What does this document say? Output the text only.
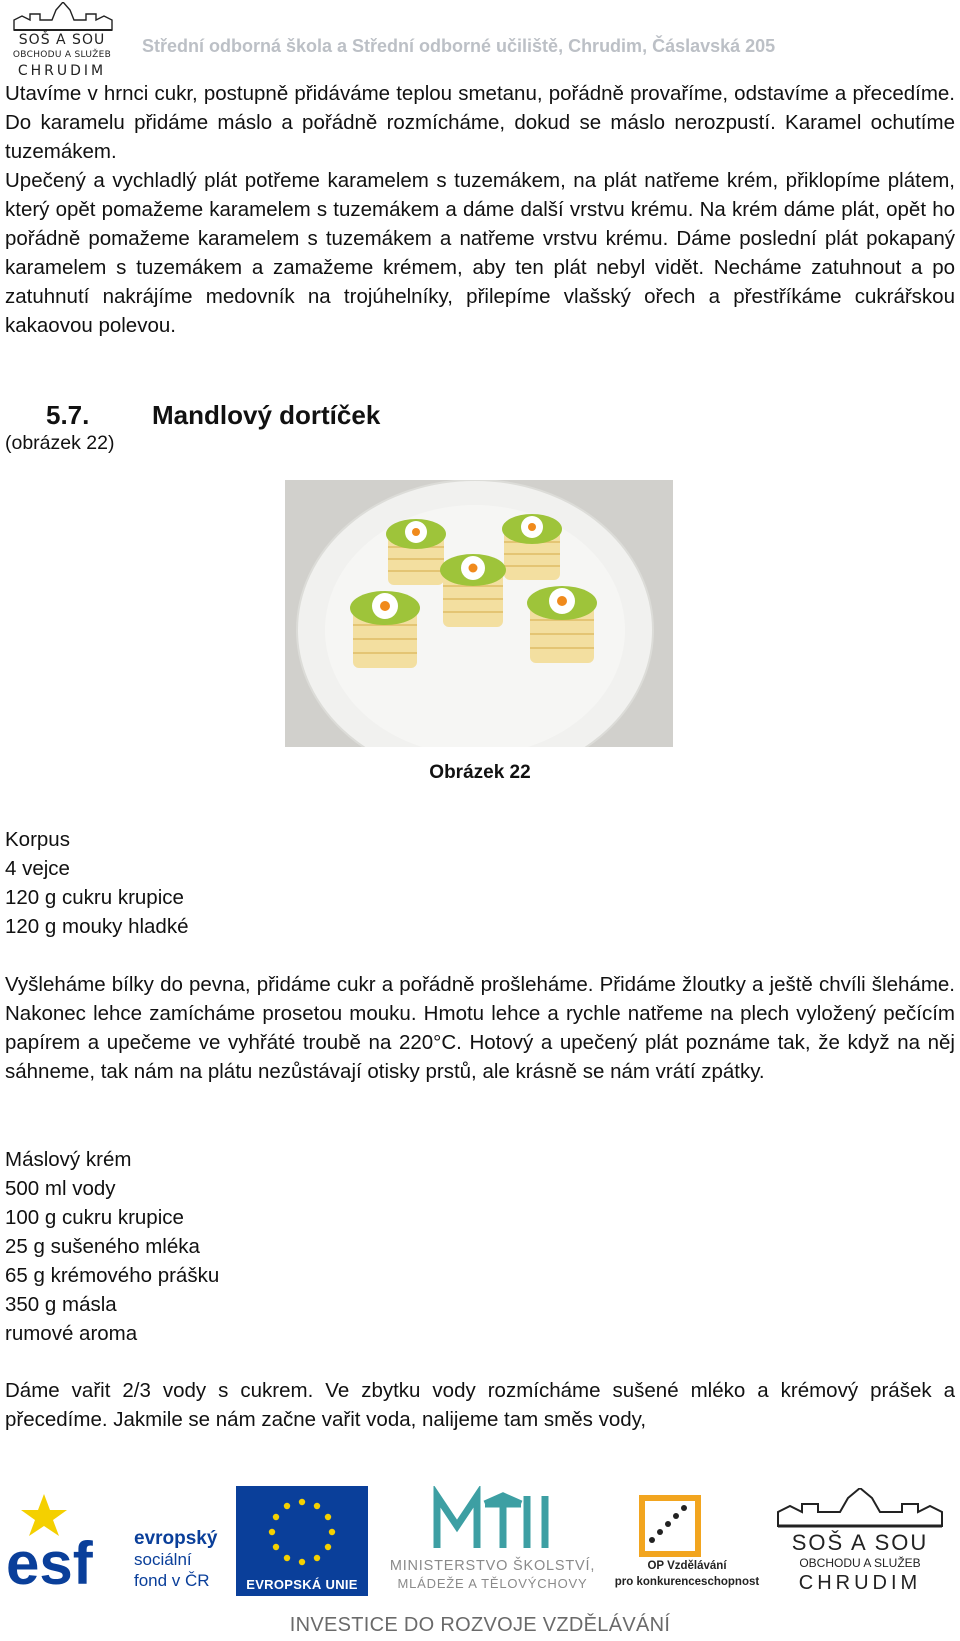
SOŠ A SOU
OBCHODU A SLUŽEB
CHRUDIM
Střední odborná škola a Střední odborné učiliště, Chrudim, Čáslavská 205

Utavíme v hrnci cukr, postupně přidáváme teplou smetanu, pořádně provaříme, odstavíme a přecedíme. Do karamelu přidáme máslo a pořádně rozmícháme, dokud se máslo nerozpustí. Karamel ochutíme tuzemákem.

Upečený a vychladlý plát potřeme karamelem s tuzemákem, na plát natřeme krém, přiklopíme plátem, který opět pomažeme karamelem s tuzemákem a dáme další vrstvu krému. Na krém dáme plát, opět ho pořádně pomažeme karamelem s tuzemákem a natřeme vrstvu krému. Dáme poslední plát pokapaný karamelem s tuzemákem a zamažeme krémem, aby ten plát nebyl vidět. Necháme zatuhnout a po zatuhnutí nakrájíme medovník na trojúhelníky, přilepíme vlašský ořech a přestříkáme cukrářskou kakaovou polevou.

5.7. Mandlový dortíček
(obrázek 22)
Obrázek 22
Korpus
4 vejce
120 g cukru krupice
120 g mouky hladké

Vyšleháme bílky do pevna, přidáme cukr a pořádně prošleháme. Přidáme žloutky a ještě chvíli šleháme. Nakonec lehce zamícháme prosetou mouku. Hmotu lehce a rychle natřeme na plech vyložený pečícím papírem a upečeme ve vyhřáté troubě na 220°C. Hotový a upečený plát poznáme tak, že když na něj sáhneme, tak nám na plátu nezůstávají otisky prstů, ale krásně se nám vrátí zpátky.

Máslový krém
500 ml vody
100 g cukru krupice
25 g sušeného mléka
65 g krémového prášku
350 g másla
rumové aroma

Dáme vařit 2/3 vody s cukrem. Ve zbytku vody rozmícháme sušené mléko a krémový prášek a přecedíme. Jakmile se nám začne vařit voda, nalijeme tam směs vody,

esf evropský
sociální
fond v ČR	EVROPSKÁ UNIE
MINISTERSTVO ŠKOLSTVÍ,
MLÁDEŽE A TĚLOVÝCHOVY
OP Vzdělávání
pro konkurenceschopnost
SOŠ A SOU
OBCHODU A SLUŽEB
CHRUDIM
INVESTICE DO ROZVOJE VZDĚLÁVÁNÍ
